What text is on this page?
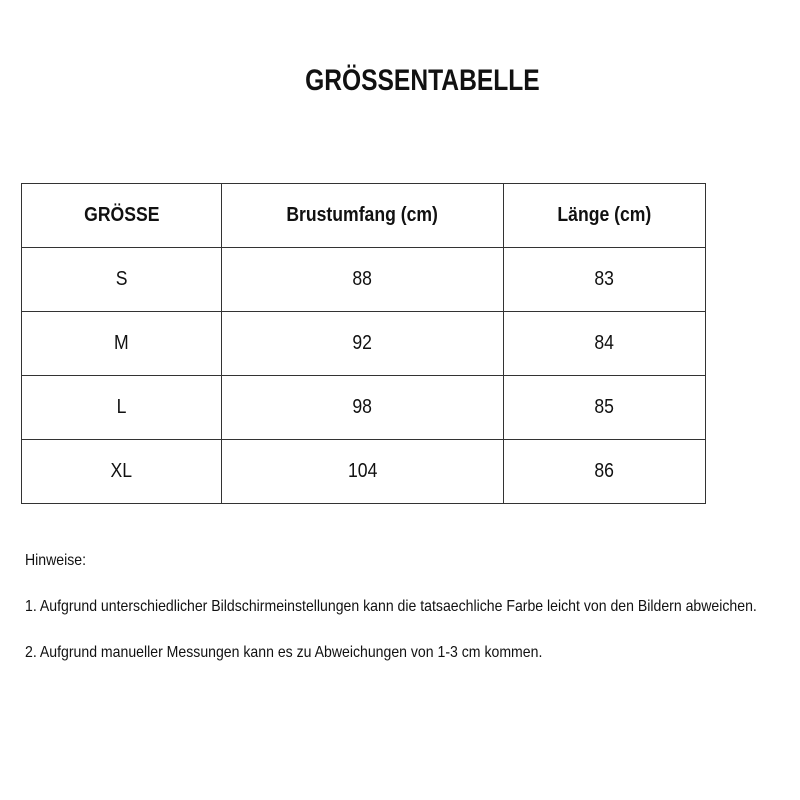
GRÖSSENTABELLE
GRÖSSE	Brustumfang (cm)	Länge (cm)
S	88	83
M	92	84
L	98	85
XL	104	86

Hinweise:

1. Aufgrund unterschiedlicher Bildschirmeinstellungen kann die tatsaechliche Farbe leicht von den Bildern abweichen.

2. Aufgrund manueller Messungen kann es zu Abweichungen von 1-3 cm kommen.
